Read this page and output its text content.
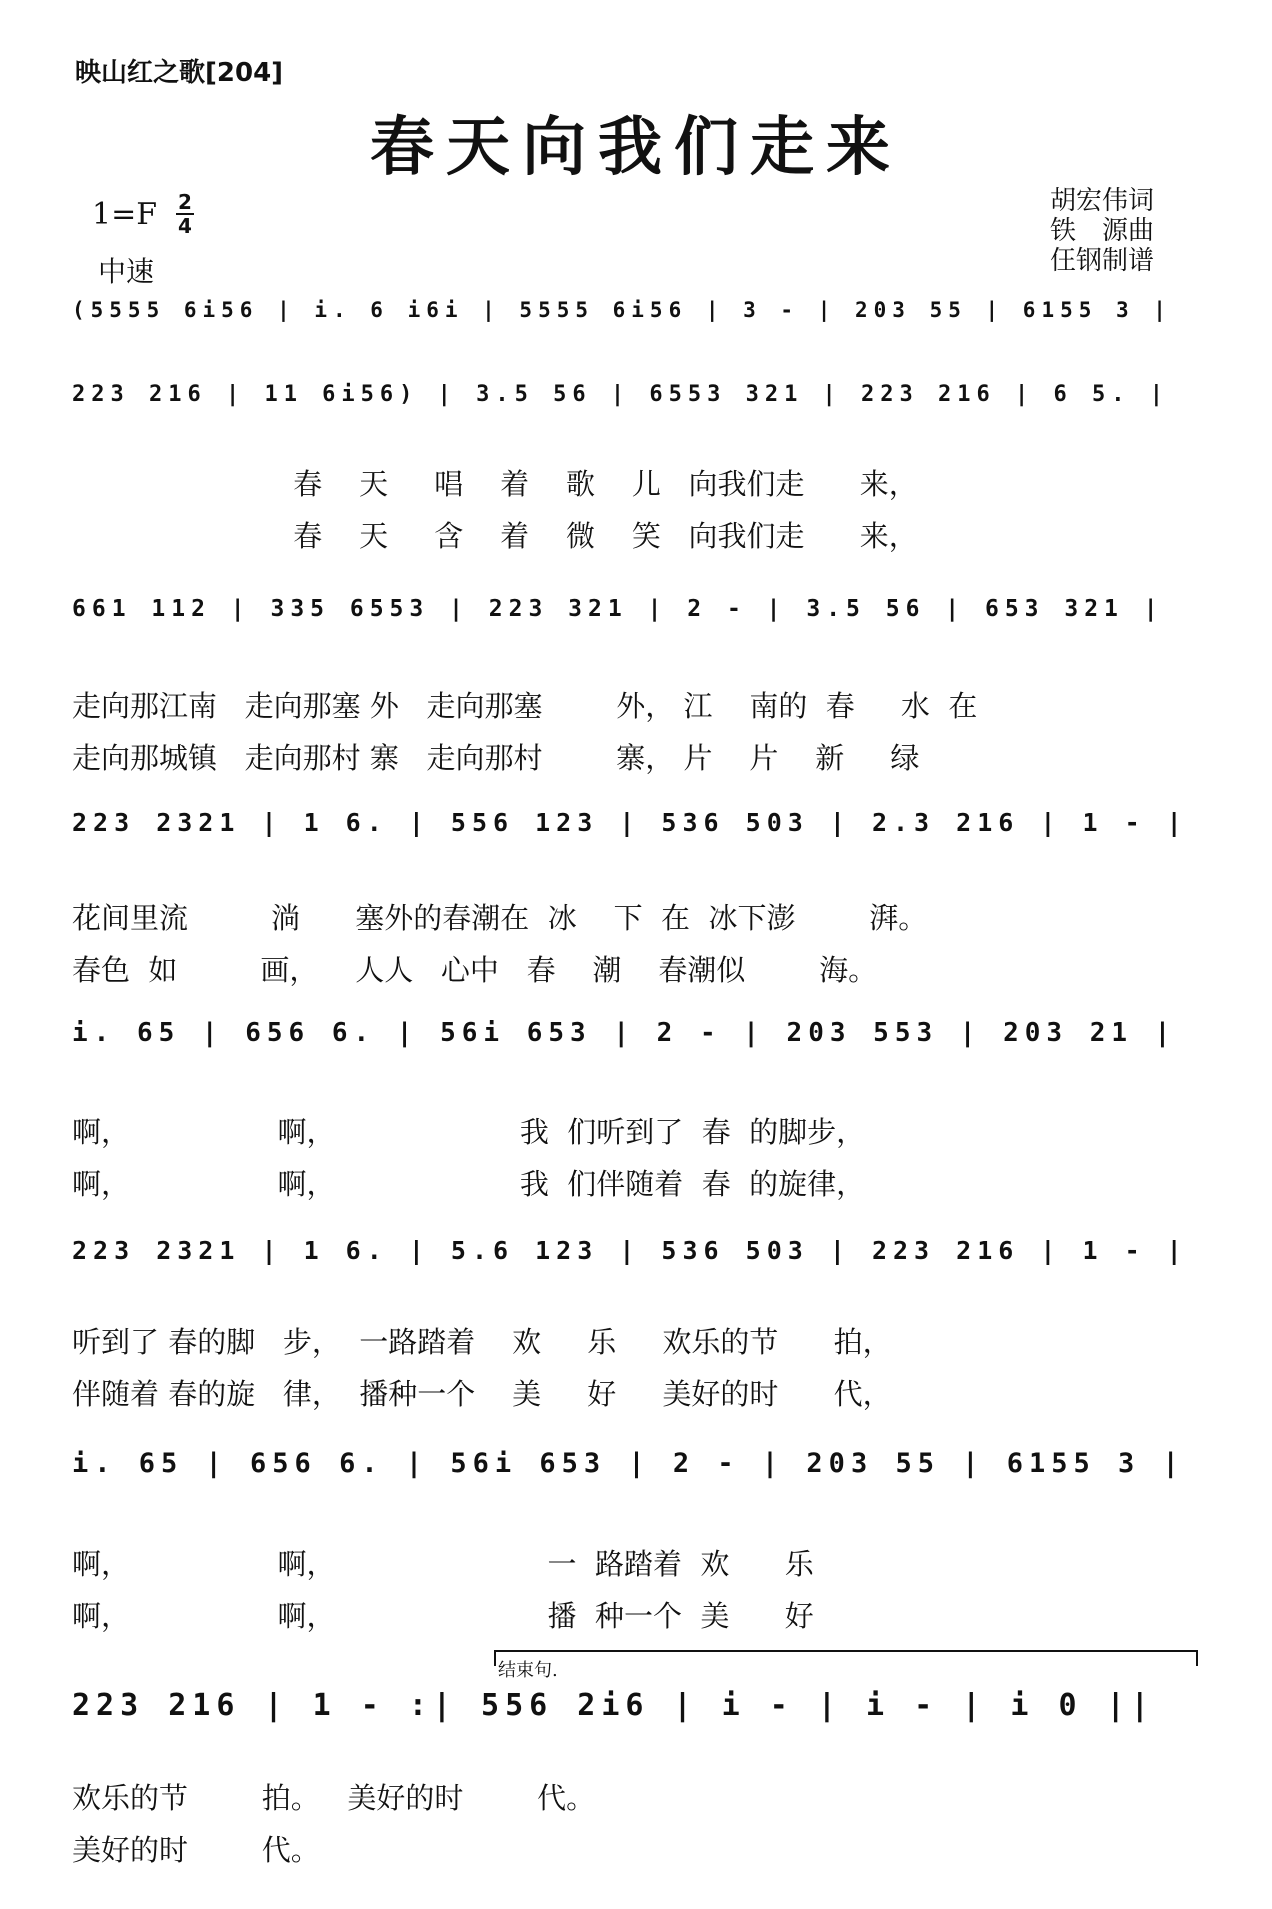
映山红之歌[204]
春天向我们走来
1=F 2
4
中速
胡宏伟词
铁　源曲
仼钢制谱
(5555 6i56 | i. 6 i6i | 5555 6i56 | 3 - | 203 55 | 6155 3 |
223 216 | 11 6i56) | 3.5 56 | 6553 321 | 223 216 | 6 5. |
春    天     唱    着    歌    儿   向我们走      来，
春    天     含    着    微    笑   向我们走      来，
661 112 | 335 6553 | 223 321 | 2 - | 3.5 56 | 653 321 |
走向那江南   走向那塞 外   走向那塞        外， 江    南的  春     水  在
走向那城镇   走向那村 寨   走向那村        寨， 片    片    新     绿
223 2321 | 1 6. | 556 123 | 536 503 | 2.3 216 | 1 - |
花间里流         淌      塞外的春潮在  冰    下  在  冰下澎        湃。
春色  如         画，    人人   心中   春    潮    春潮似        海。
i. 65 | 656 6. | 56i 653 | 2 - | 203 553 | 203 21 |
啊，                啊，                    我  们听到了  春  的脚步，
啊，                啊，                    我  们伴随着  春  的旋律，
223 2321 | 1 6. | 5.6 123 | 536 503 | 223 216 | 1 - |
听到了 春的脚   步，  一路踏着    欢     乐     欢乐的节      拍，
伴随着 春的旋   律，  播种一个    美     好     美好的时      代，
i. 65 | 656 6. | 56i 653 | 2 - | 203 55 | 6155 3 |
啊，                啊，                       一  路踏着  欢      乐
啊，                啊，                       播  种一个  美      好
结束句.
223 216 | 1 - :| 556 2i6 | i - | i - | i 0 ||
欢乐的节        拍。   美好的时        代。
美好的时        代。
